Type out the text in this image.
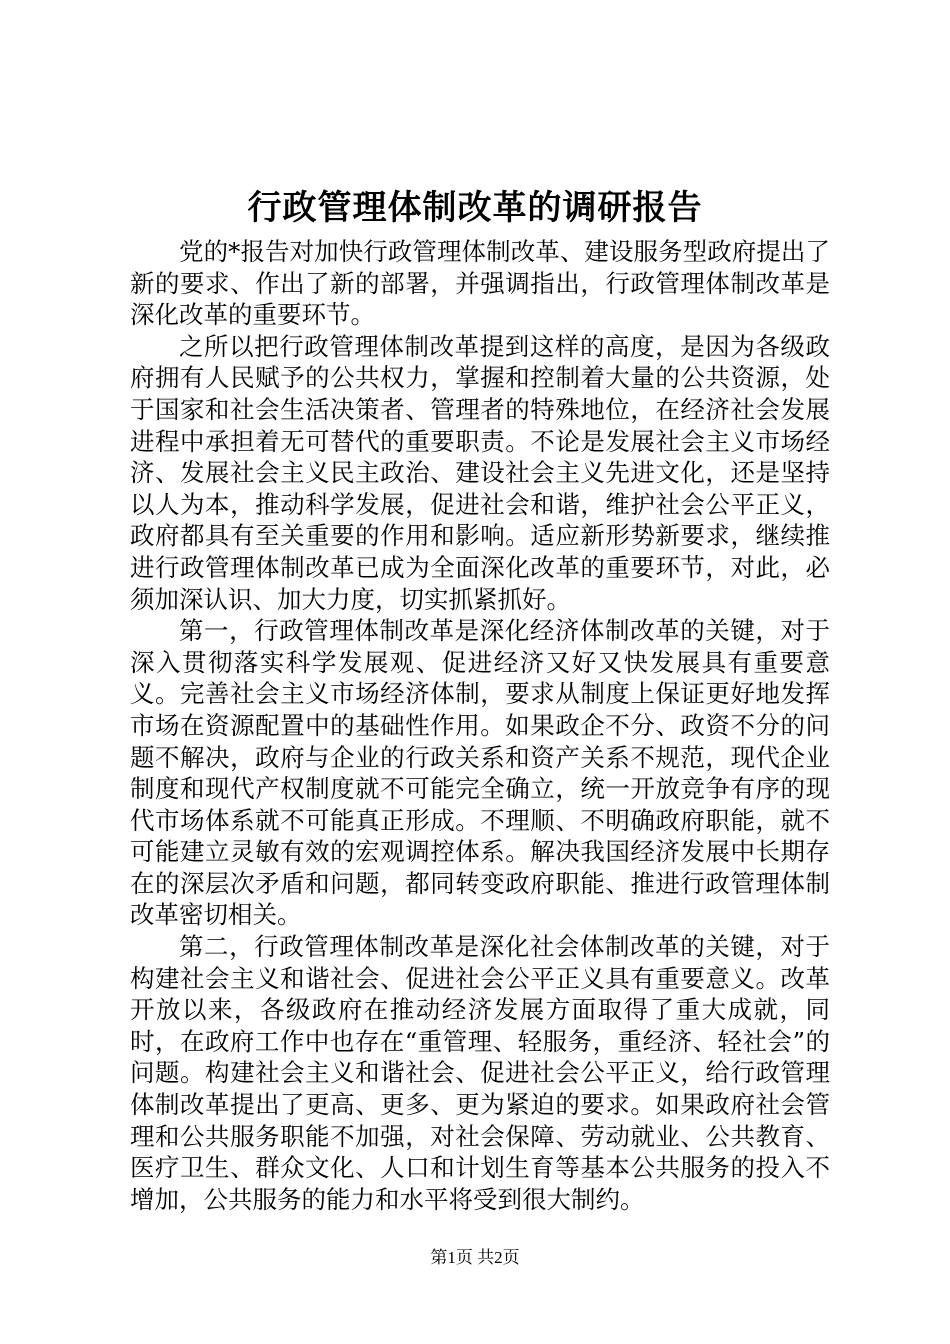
行政管理体制改革的调研报告

党的*报告对加快行政管理体制改革、建设服务型政府提出了新的要求、作出了新的部署，并强调指出，行政管理体制改革是深化改革的重要环节。

之所以把行政管理体制改革提到这样的高度，是因为各级政府拥有人民赋予的公共权力，掌握和控制着大量的公共资源，处于国家和社会生活决策者、管理者的特殊地位，在经济社会发展进程中承担着无可替代的重要职责。不论是发展社会主义市场经济、发展社会主义民主政治、建设社会主义先进文化，还是坚持以人为本，推动科学发展，促进社会和谐，维护社会公平正义，政府都具有至关重要的作用和影响。适应新形势新要求，继续推进行政管理体制改革已成为全面深化改革的重要环节，对此，必须加深认识、加大力度，切实抓紧抓好。

第一，行政管理体制改革是深化经济体制改革的关键，对于深入贯彻落实科学发展观、促进经济又好又快发展具有重要意义。完善社会主义市场经济体制，要求从制度上保证更好地发挥市场在资源配置中的基础性作用。如果政企不分、政资不分的问题不解决，政府与企业的行政关系和资产关系不规范，现代企业制度和现代产权制度就不可能完全确立，统一开放竞争有序的现代市场体系就不可能真正形成。不理顺、不明确政府职能，就不可能建立灵敏有效的宏观调控体系。解决我国经济发展中长期存在的深层次矛盾和问题，都同转变政府职能、推进行政管理体制改革密切相关。

第二，行政管理体制改革是深化社会体制改革的关键，对于构建社会主义和谐社会、促进社会公平正义具有重要意义。改革开放以来，各级政府在推动经济发展方面取得了重大成就，同时，在政府工作中也存在“重管理、轻服务，重经济、轻社会”的问题。构建社会主义和谐社会、促进社会公平正义，给行政管理体制改革提出了更高、更多、更为紧迫的要求。如果政府社会管理和公共服务职能不加强，对社会保障、劳动就业、公共教育、医疗卫生、群众文化、人口和计划生育等基本公共服务的投入不增加，公共服务的能力和水平将受到很大制约。

第1页 共2页
